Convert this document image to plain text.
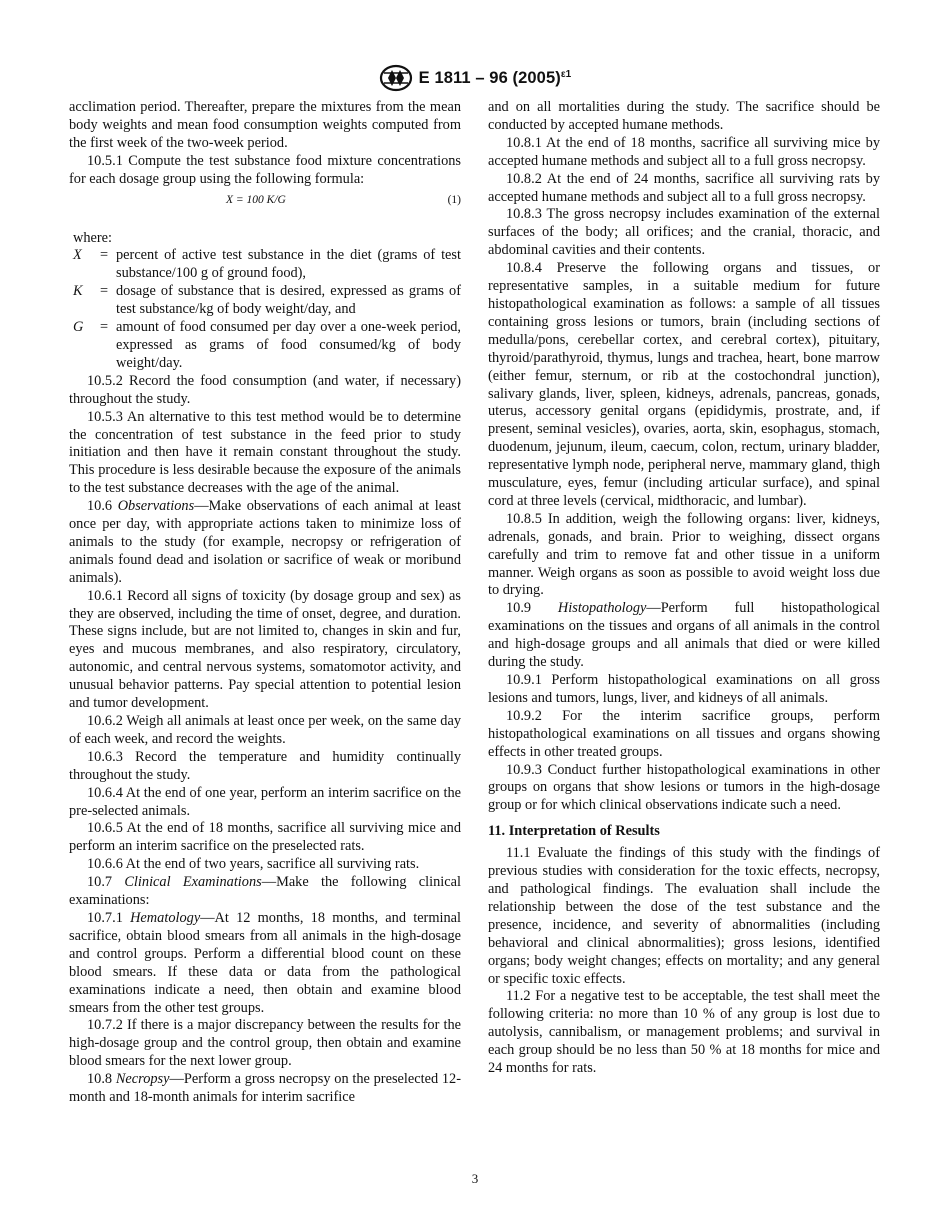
E 1811 – 96 $(2005)^{\varepsilon 1}$

acclimation period. Thereafter, prepare the mixtures from the mean body weights and mean food consumption weights computed from the first week of the two-week period.

10.5.1 Compute the test substance food mixture concentrations for each dosage group using the following formula:

X = 100 K/G	(1)

where:

X	= percent of active test substance in the diet (grams of test substance/100 g of ground food),
K	= dosage of substance that is desired, expressed as grams of test substance/kg of body weight/day, and
G	= amount of food consumed per day over a one-week period, expressed as grams of food consumed/kg of body weight/day.

10.5.2 Record the food consumption (and water, if necessary) throughout the study.

10.5.3 An alternative to this test method would be to determine the concentration of test substance in the feed prior to study initiation and then have it remain constant throughout the study. This procedure is less desirable because the exposure of the animals to the test substance decreases with the age of the animal.

10.6 Observations—Make observations of each animal at least once per day, with appropriate actions taken to minimize loss of animals to the study (for example, necropsy or refrigeration of animals found dead and isolation or sacrifice of weak or moribund animals).

10.6.1 Record all signs of toxicity (by dosage group and sex) as they are observed, including the time of onset, degree, and duration. These signs include, but are not limited to, changes in skin and fur, eyes and mucous membranes, and also respiratory, circulatory, autonomic, and central nervous systems, somatomotor activity, and unusual behavior patterns. Pay special attention to potential lesion and tumor development.

10.6.2 Weigh all animals at least once per week, on the same day of each week, and record the weights.

10.6.3 Record the temperature and humidity continually throughout the study.

10.6.4 At the end of one year, perform an interim sacrifice on the pre-selected animals.

10.6.5 At the end of 18 months, sacrifice all surviving mice and perform an interim sacrifice on the preselected rats.

10.6.6 At the end of two years, sacrifice all surviving rats.

10.7 Clinical Examinations—Make the following clinical examinations:

10.7.1 Hematology—At 12 months, 18 months, and terminal sacrifice, obtain blood smears from all animals in the high-dosage and control groups. Perform a differential blood count on these blood smears. If these data or data from the pathological examinations indicate a need, then obtain and examine blood smears from the other test groups.

10.7.2 If there is a major discrepancy between the results for the high-dosage group and the control group, then obtain and examine blood smears for the next lower group.

10.8 Necropsy—Perform a gross necropsy on the preselected 12-month and 18-month animals for interim sacrifice

and on all mortalities during the study. The sacrifice should be conducted by accepted humane methods.

10.8.1 At the end of 18 months, sacrifice all surviving mice by accepted humane methods and subject all to a full gross necropsy.

10.8.2 At the end of 24 months, sacrifice all surviving rats by accepted humane methods and subject all to a full gross necropsy.

10.8.3 The gross necropsy includes examination of the external surfaces of the body; all orifices; and the cranial, thoracic, and abdominal cavities and their contents.

10.8.4 Preserve the following organs and tissues, or representative samples, in a suitable medium for future histopathological examination as follows: a sample of all tissues containing gross lesions or tumors, brain (including sections of medulla/pons, cerebellar cortex, and cerebral cortex), pituitary, thyroid/parathyroid, thymus, lungs and trachea, heart, bone marrow (either femur, sternum, or rib at the costochondral junction), salivary glands, liver, spleen, kidneys, adrenals, pancreas, gonads, uterus, accessory genital organs (epididymis, prostrate, and, if present, seminal vesicles), ovaries, aorta, skin, esophagus, stomach, duodenum, jejunum, ileum, caecum, colon, rectum, urinary bladder, representative lymph node, peripheral nerve, mammary gland, thigh musculature, eyes, femur (including articular surface), and spinal cord at three levels (cervical, midthoracic, and lumbar).

10.8.5 In addition, weigh the following organs: liver, kidneys, adrenals, gonads, and brain. Prior to weighing, dissect organs carefully and trim to remove fat and other tissue in a uniform manner. Weigh organs as soon as possible to avoid weight loss due to drying.

10.9 Histopathology—Perform full histopathological examinations on the tissues and organs of all animals in the control and high-dosage groups and all animals that died or were killed during the study.

10.9.1 Perform histopathological examinations on all gross lesions and tumors, lungs, liver, and kidneys of all animals.

10.9.2 For the interim sacrifice groups, perform histopathological examinations on all tissues and organs showing effects in other treated groups.

10.9.3 Conduct further histopathological examinations in other groups on organs that show lesions or tumors in the high-dosage group or for which clinical observations indicate such a need.

11. Interpretation of Results

11.1 Evaluate the findings of this study with the findings of previous studies with consideration for the toxic effects, necropsy, and pathological findings. The evaluation shall include the relationship between the dose of the test substance and the presence, incidence, and severity of abnormalities (including behavioral and clinical abnormalities); gross lesions, identified organs; body weight changes; effects on mortality; and any general or specific toxic effects.

11.2 For a negative test to be acceptable, the test shall meet the following criteria: no more than 10 % of any group is lost due to autolysis, cannibalism, or management problems; and survival in each group should be no less than 50 % at 18 months for mice and 24 months for rats.

3
